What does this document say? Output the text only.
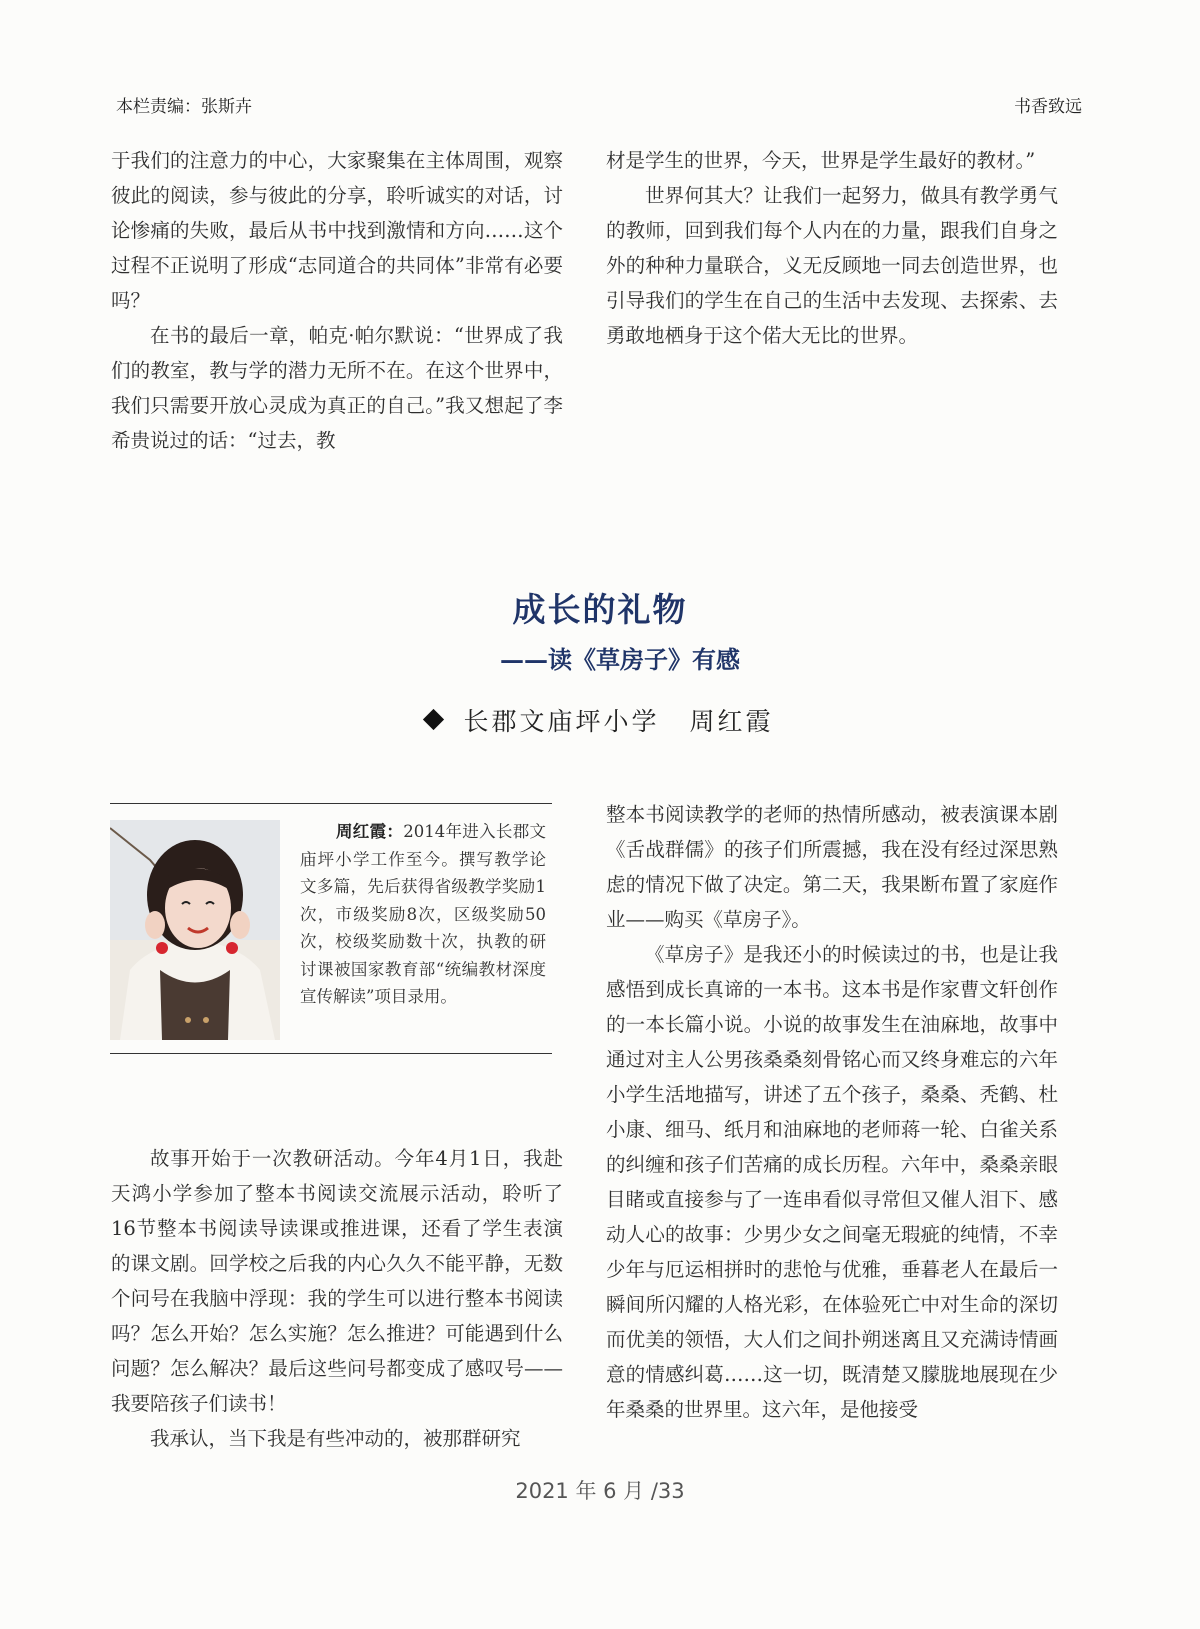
本栏责编：张斯卉	书香致远

于我们的注意力的中心，大家聚集在主体周围，观察彼此的阅读，参与彼此的分享，聆听诚实的对话，讨论惨痛的失败，最后从书中找到激情和方向……这个过程不正说明了形成“志同道合的共同体”非常有必要吗？

在书的最后一章，帕克·帕尔默说：“世界成了我们的教室，教与学的潜力无所不在。在这个世界中，我们只需要开放心灵成为真正的自己。”我又想起了李希贵说过的话：“过去，教

材是学生的世界，今天，世界是学生最好的教材。”

世界何其大？让我们一起努力，做具有教学勇气的教师，回到我们每个人内在的力量，跟我们自身之外的种种力量联合，义无反顾地一同去创造世界，也引导我们的学生在自己的生活中去发现、去探索、去勇敢地栖身于这个偌大无比的世界。

成长的礼物
——读《草房子》有感
长郡文庙坪小学 周红霞
周红霞：2014年进入长郡文庙坪小学工作至今。撰写教学论文多篇，先后获得省级教学奖励1次，市级奖励8次，区级奖励50次，校级奖励数十次，执教的研讨课被国家教育部“统编教材深度宣传解读”项目录用。

故事开始于一次教研活动。今年4月1日，我赴天鸿小学参加了整本书阅读交流展示活动，聆听了16节整本书阅读导读课或推进课，还看了学生表演的课文剧。回学校之后我的内心久久不能平静，无数个问号在我脑中浮现：我的学生可以进行整本书阅读吗？怎么开始？怎么实施？怎么推进？可能遇到什么问题？怎么解决？最后这些问号都变成了感叹号——我要陪孩子们读书！

我承认，当下我是有些冲动的，被那群研究

整本书阅读教学的老师的热情所感动，被表演课本剧《舌战群儒》的孩子们所震撼，我在没有经过深思熟虑的情况下做了决定。第二天，我果断布置了家庭作业——购买《草房子》。

《草房子》是我还小的时候读过的书，也是让我感悟到成长真谛的一本书。这本书是作家曹文轩创作的一本长篇小说。小说的故事发生在油麻地，故事中通过对主人公男孩桑桑刻骨铭心而又终身难忘的六年小学生活地描写，讲述了五个孩子，桑桑、秃鹤、杜小康、细马、纸月和油麻地的老师蒋一轮、白雀关系的纠缠和孩子们苦痛的成长历程。六年中，桑桑亲眼目睹或直接参与了一连串看似寻常但又催人泪下、感动人心的故事：少男少女之间毫无瑕疵的纯情，不幸少年与厄运相拼时的悲怆与优雅，垂暮老人在最后一瞬间所闪耀的人格光彩，在体验死亡中对生命的深切而优美的领悟，大人们之间扑朔迷离且又充满诗情画意的情感纠葛……这一切，既清楚又朦胧地展现在少年桑桑的世界里。这六年，是他接受

2021 年 6 月 /33
